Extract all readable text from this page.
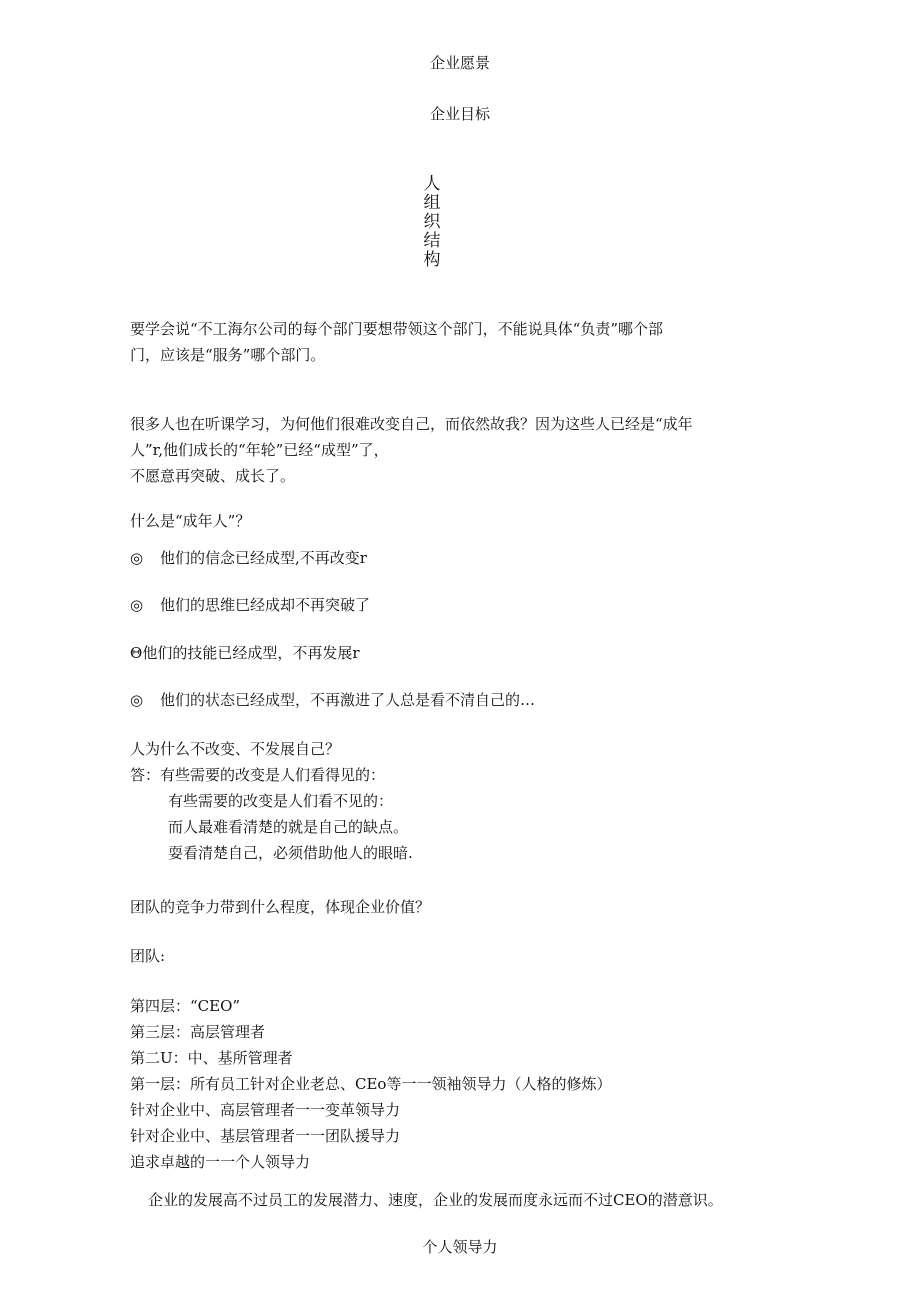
企业愿景
企业目标
人
组
织
结
构
要学会说“不工海尔公司的每个部门要想带领这个部门，不能说具体“负责”哪个部
门，应该是“服务”哪个部门。
很多人也在听课学习，为何他们很难改变自己，而依然故我？因为这些人已经是“成年
人”r,他们成长的“年轮”已经“成型”了，
不愿意再突破、成长了。
什么是“成年人”？
◎ 他们的信念已经成型,不再改变r
◎ 他们的思维巳经成却不再突破了
Θ他们的技能已经成型，不再发展r
◎ 他们的状态已经成型，不再激进了人总是看不清自己的…
人为什么不改变、不发展自己？
答：有些需要的改变是人们看得见的：
有些需要的改变是人们看不见的：
而人最难看清楚的就是自己的缺点。
耍看清楚自己，必须借助他人的眼暗.
团队的竞争力带到什么程度，体现企业价值？
团队:
第四层：“CEO”
第三层：高层管理者
第二U：中、基所管理者
第一层：所有员工针对企业老总、CEo等一一领袖领导力（人格的修炼）
针对企业中、高层管理者一一变革领导力
针对企业中、基层管理者一一团队援导力
追求卓越的一一个人领导力
企业的发展高不过员工的发展潜力、速度，企业的发展而度永远而不过CEO的潜意识。
个人领导力
